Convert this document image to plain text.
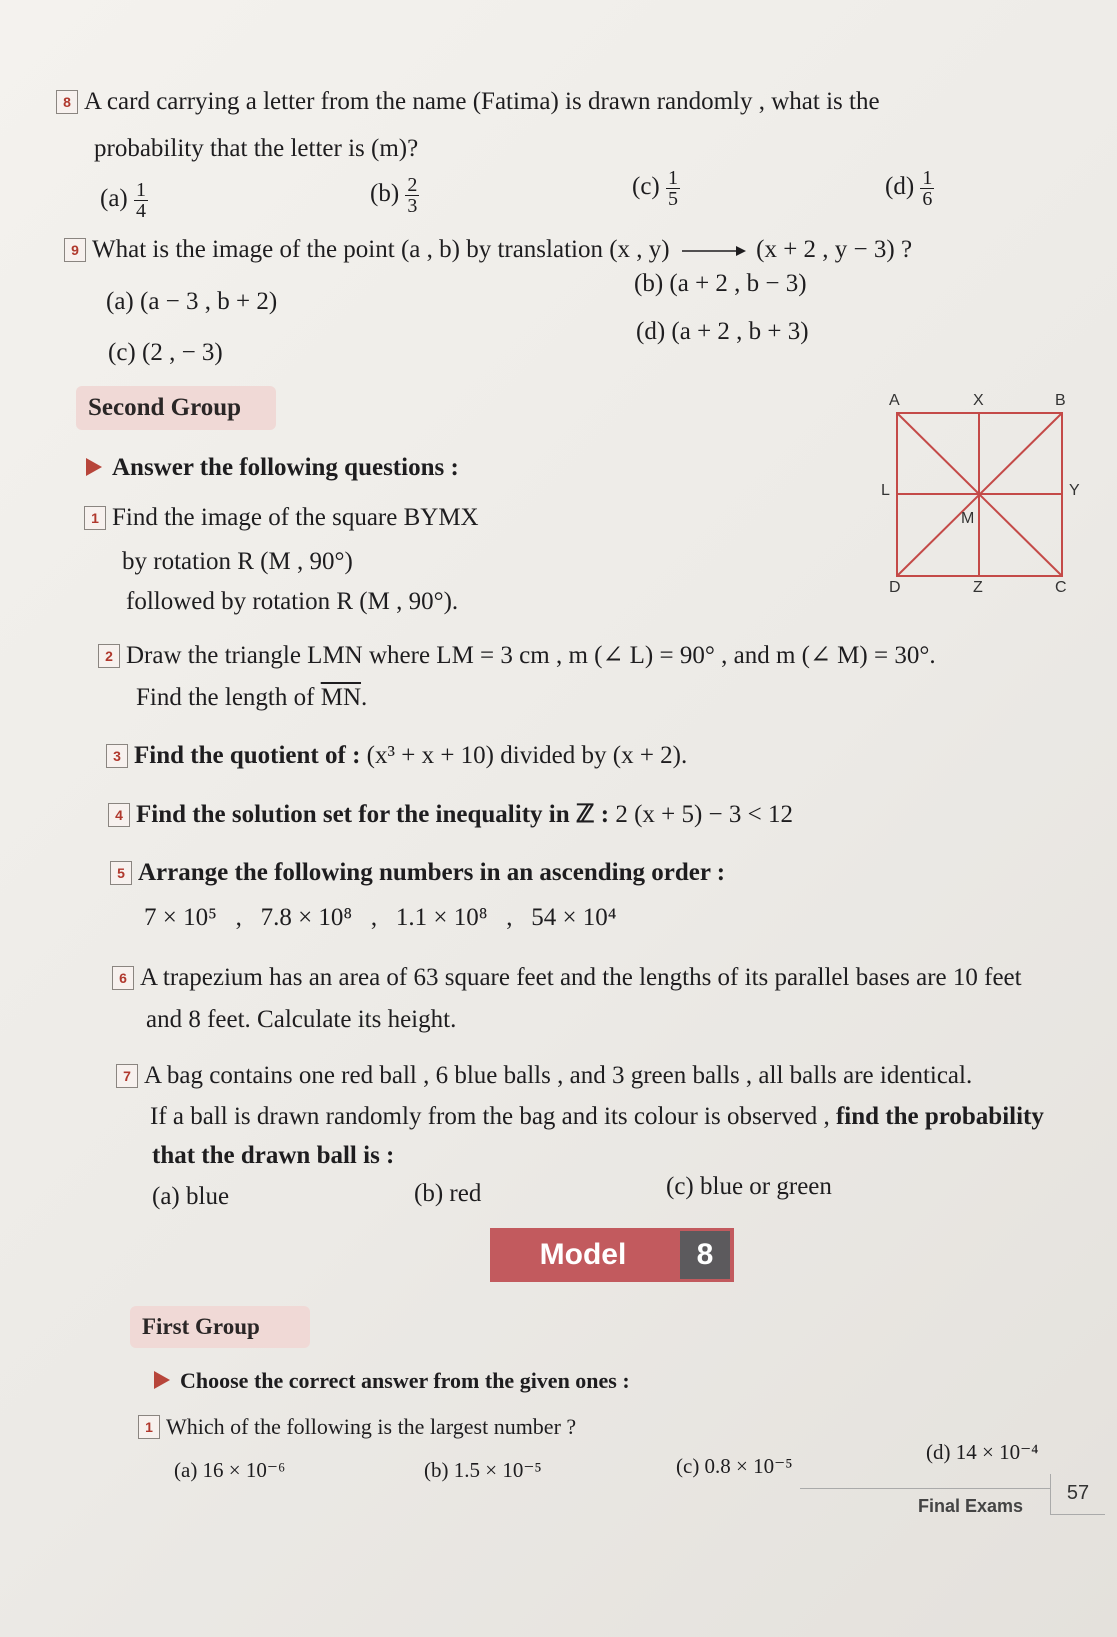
8 A card carrying a letter from the name (Fatima) is drawn randomly , what is the
probability that the letter is (m)?
$(a) \frac{1}{4}$	$(b) \frac{2}{3}$	$(c) \frac{1}{5}$	$(d) \frac{1}{6}$
9 What is the image of the point (a , b) by translation (x , y)	(x + 2 , y − 3) ?
(a) (a − 3 , b + 2)
(b) (a + 2 , b − 3)
(c) (2 , − 3)
(d) (a + 2 , b + 3)
Second Group
Answer the following questions :
1 Find the image of the square BYMX
by rotation R (M , 90°)
followed by rotation R (M , 90°).
A	X	B
L	Y
M
D	Z	C
2 Draw the triangle LMN where LM = 3 cm , m (∠ L) = 90° , and m (∠ M) = 30°.
Find the length of $\overline{MN}$.
3 Find the quotient of : (x³ + x + 10) divided by (x + 2).
4 Find the solution set for the inequality in ℤ : 2 (x + 5) − 3 < 12
5 Arrange the following numbers in an ascending order :
7 × 10⁵   ,   7.8 × 10⁸   ,   1.1 × 10⁸   ,   54 × 10⁴
6 A trapezium has an area of 63 square feet and the lengths of its parallel bases are 10 feet
and 8 feet. Calculate its height.
7 A bag contains one red ball , 6 blue balls , and 3 green balls , all balls are identical.
If a ball is drawn randomly from the bag and its colour is observed , find the probability
that the drawn ball is :
(a) blue	(b) red	(c) blue or green
Model	8
First Group
Choose the correct answer from the given ones :
1 Which of the following is the largest number ?
(a) 16 × 10⁻⁶	(b) 1.5 × 10⁻⁵	(c) 0.8 × 10⁻⁵
(d) 14 × 10⁻⁴
Final Exams
57
